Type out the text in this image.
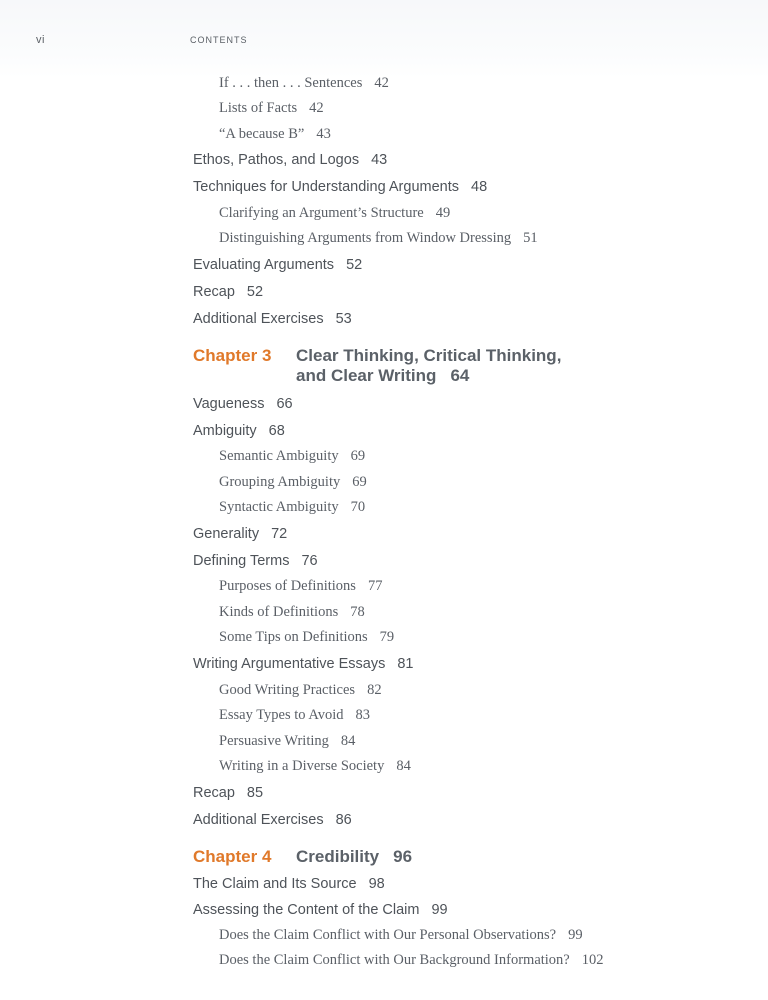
vi	CONTENTS
If . . . then . . . Sentences 42
Lists of Facts 42
“A because B” 43
Ethos, Pathos, and Logos 43
Techniques for Understanding Arguments 48
Clarifying an Argument’s Structure 49
Distinguishing Arguments from Window Dressing 51
Evaluating Arguments 52
Recap 52
Additional Exercises 53
Chapter 3 Clear Thinking, Critical Thinking,
and Clear Writing 64
Vagueness 66
Ambiguity 68
Semantic Ambiguity 69
Grouping Ambiguity 69
Syntactic Ambiguity 70
Generality 72
Defining Terms 76
Purposes of Definitions 77
Kinds of Definitions 78
Some Tips on Definitions 79
Writing Argumentative Essays 81
Good Writing Practices 82
Essay Types to Avoid 83
Persuasive Writing 84
Writing in a Diverse Society 84
Recap 85
Additional Exercises 86
Chapter 4 Credibility 96
The Claim and Its Source 98
Assessing the Content of the Claim 99
Does the Claim Conflict with Our Personal Observations? 99
Does the Claim Conflict with Our Background Information? 102
